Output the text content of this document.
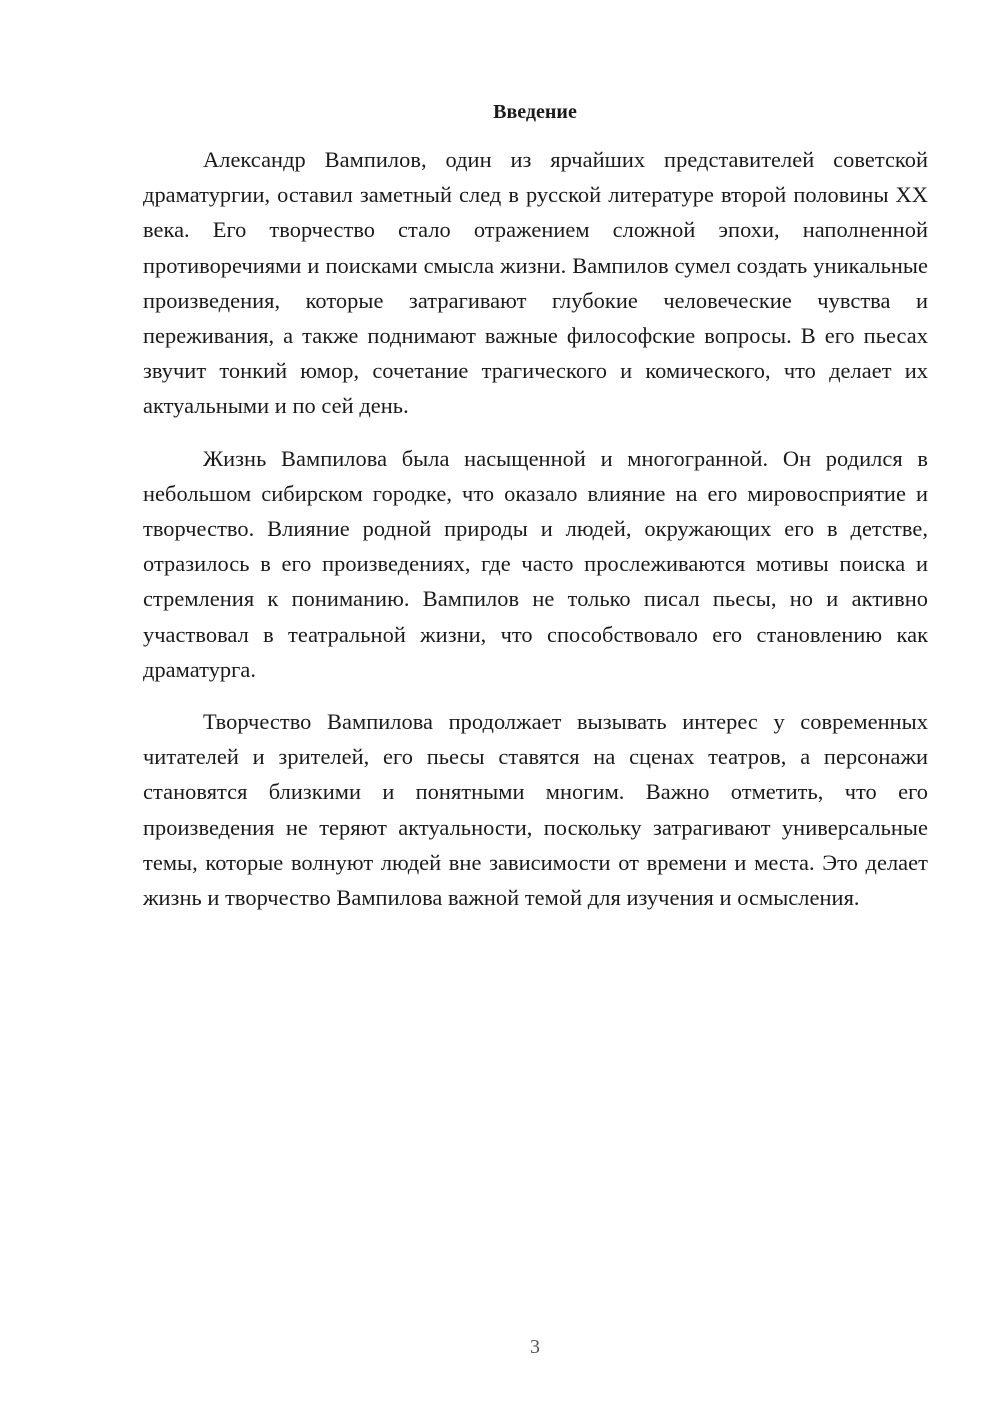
Введение

Александр Вампилов, один из ярчайших представителей советской драматургии, оставил заметный след в русской литературе второй половины XX века. Его творчество стало отражением сложной эпохи, наполненной противоречиями и поисками смысла жизни. Вампилов сумел создать уникальные произведения, которые затрагивают глубокие человеческие чувства и переживания, а также поднимают важные философские вопросы. В его пьесах звучит тонкий юмор, сочетание трагического и комического, что делает их актуальными и по сей день.

Жизнь Вампилова была насыщенной и многогранной. Он родился в небольшом сибирском городке, что оказало влияние на его мировосприятие и творчество. Влияние родной природы и людей, окружающих его в детстве, отразилось в его произведениях, где часто прослеживаются мотивы поиска и стремления к пониманию. Вампилов не только писал пьесы, но и активно участвовал в театральной жизни, что способствовало его становлению как драматурга.

Творчество Вампилова продолжает вызывать интерес у современных читателей и зрителей, его пьесы ставятся на сценах театров, а персонажи становятся близкими и понятными многим. Важно отметить, что его произведения не теряют актуальности, поскольку затрагивают универсальные темы, которые волнуют людей вне зависимости от времени и места. Это делает жизнь и творчество Вампилова важной темой для изучения и осмысления.

3
